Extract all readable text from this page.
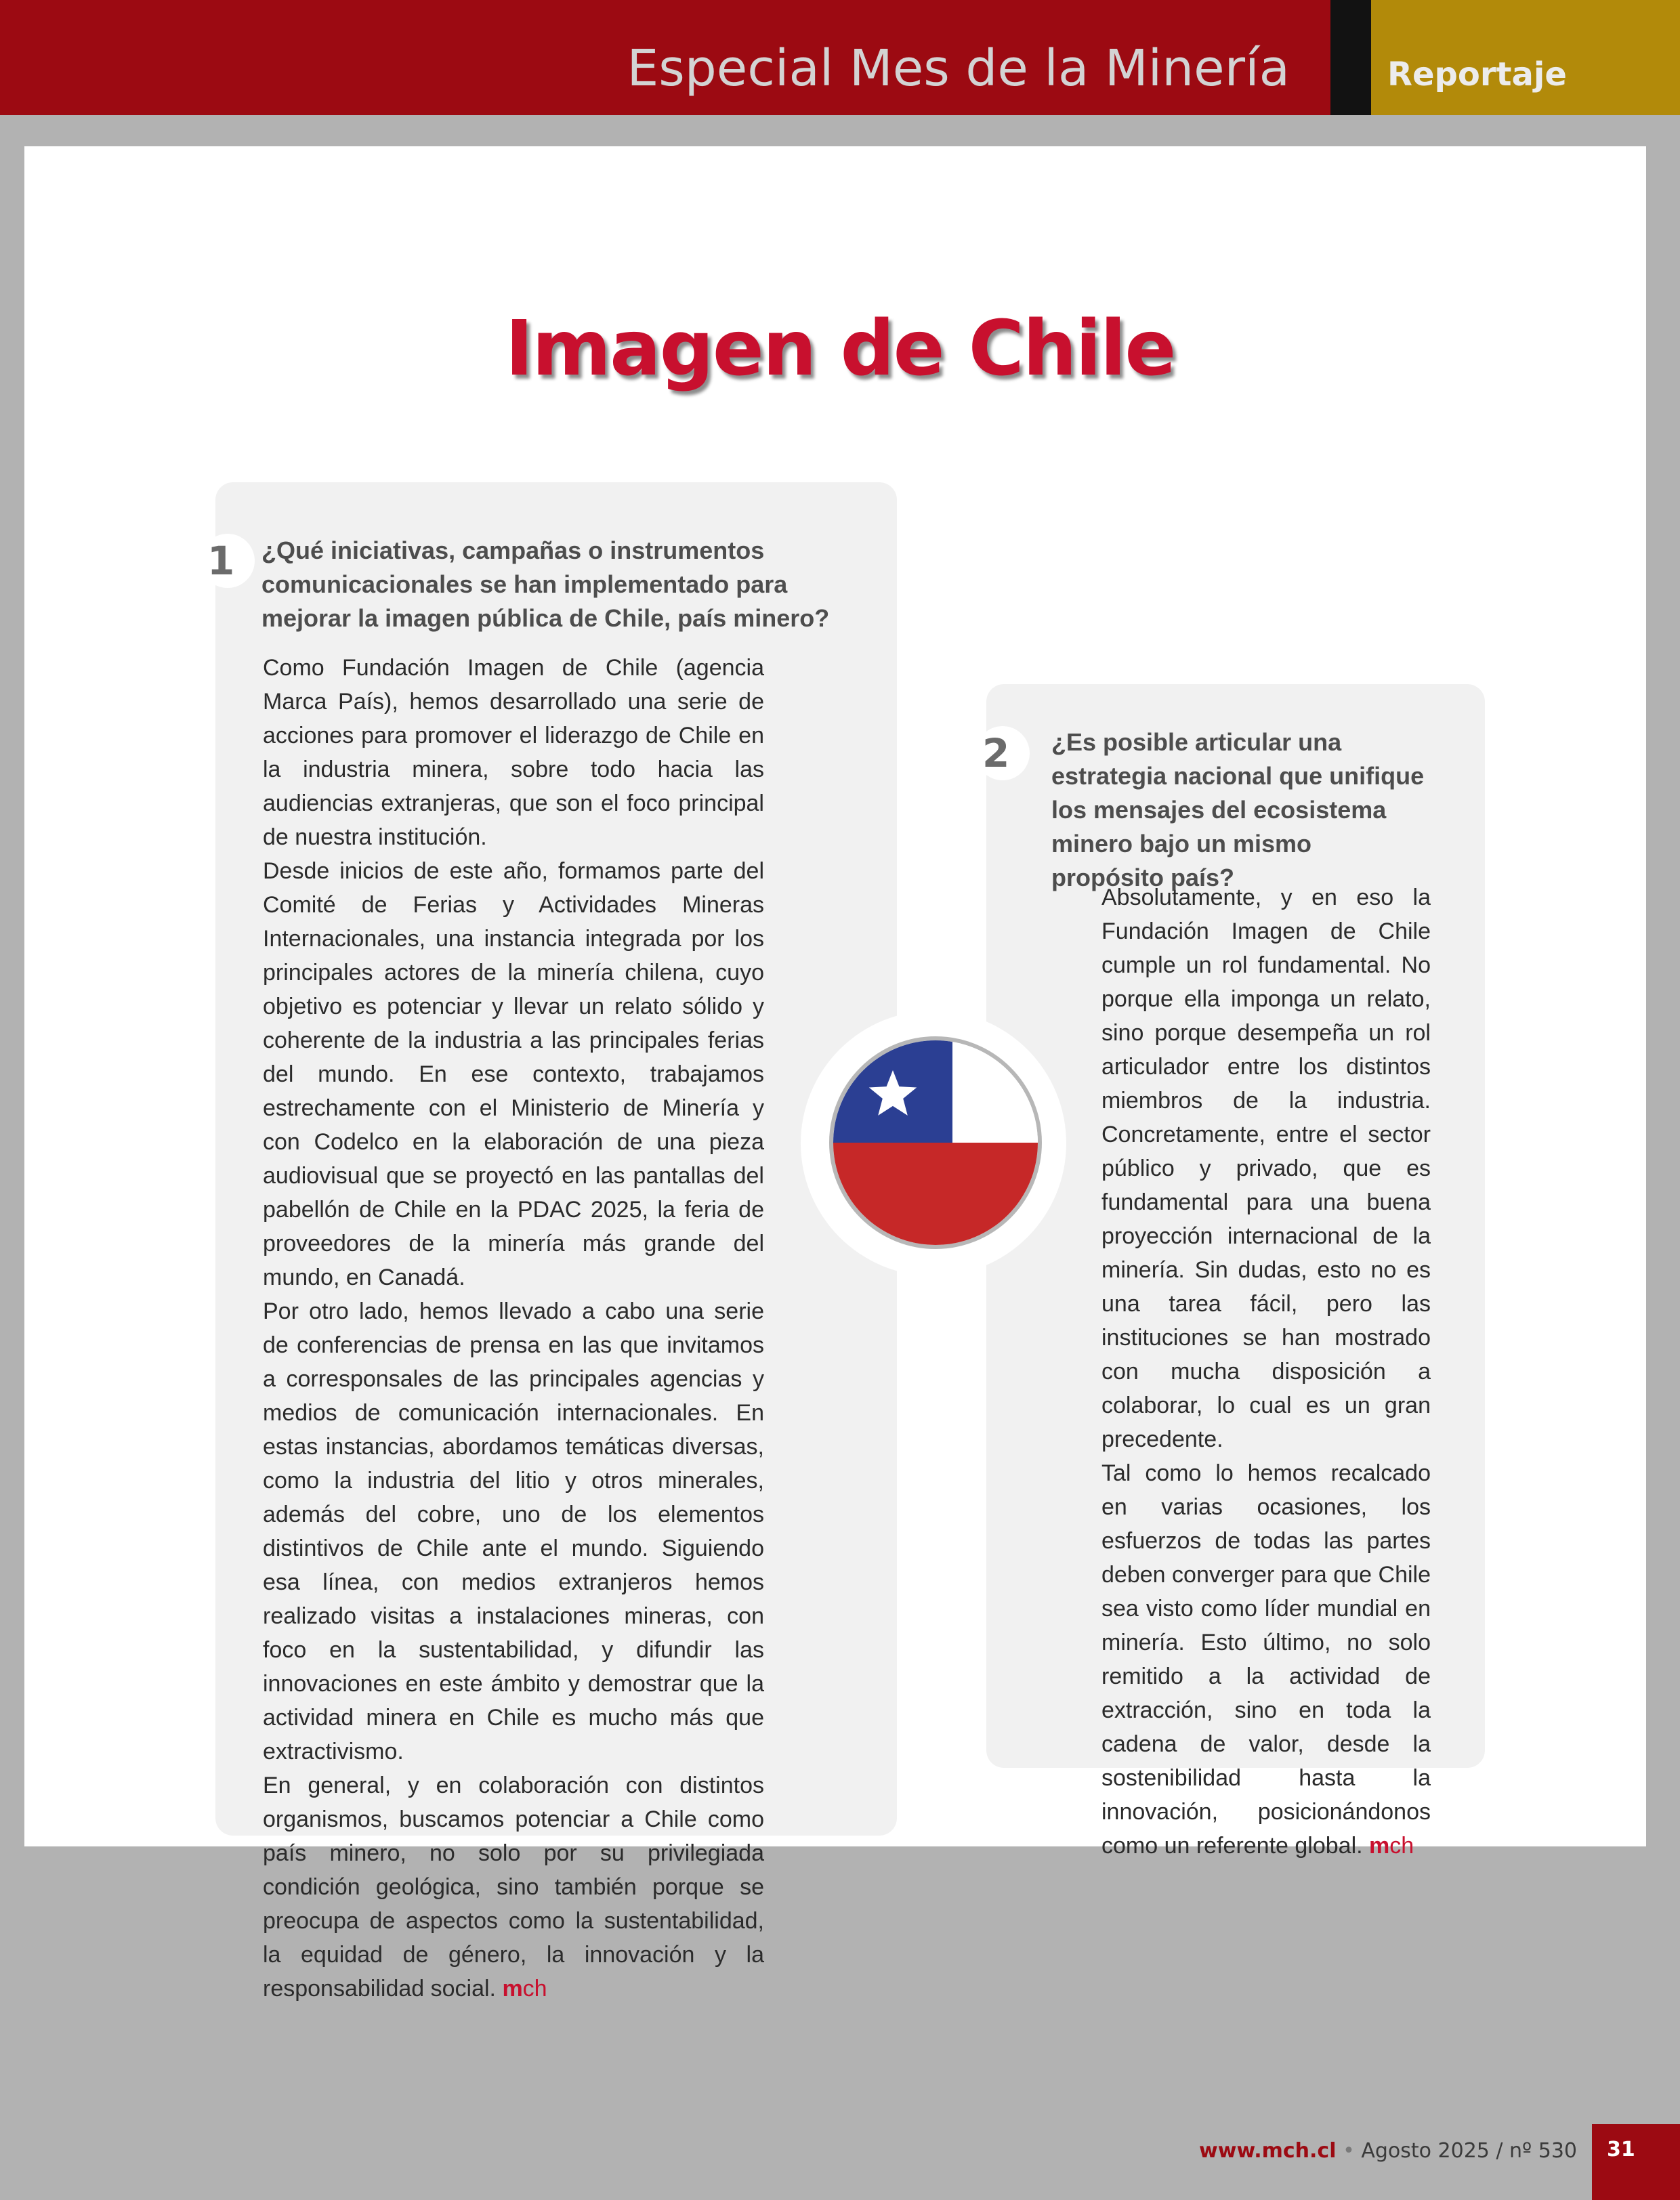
Especial Mes de la Minería	Reportaje
Imagen de Chile
1	¿Qué iniciativas, campañas o instrumentos comunicacionales se han implementado para mejorar la imagen pública de Chile, país minero?

Como Fundación Imagen de Chile (agencia Marca País), hemos desarrollado una serie de acciones para promover el liderazgo de Chile en la industria minera, sobre todo hacia las audiencias extranjeras, que son el foco principal de nuestra institución.

Desde inicios de este año, formamos parte del Comité de Ferias y Actividades Mineras Internacionales, una instancia integrada por los principales actores de la minería chilena, cuyo objetivo es potenciar y llevar un relato sólido y coherente de la industria a las principales ferias del mundo. En ese contexto, trabajamos estrechamente con el Ministerio de Minería y con Codelco en la elaboración de una pieza audiovisual que se proyectó en las pantallas del pabellón de Chile en la PDAC 2025, la feria de proveedores de la minería más grande del mundo, en Canadá.

Por otro lado, hemos llevado a cabo una serie de conferencias de prensa en las que invitamos a corresponsales de las principales agencias y medios de comunicación internacionales. En estas instancias, abordamos temáticas diversas, como la industria del litio y otros minerales, además del cobre, uno de los elementos distintivos de Chile ante el mundo. Siguiendo esa línea, con medios extranjeros hemos realizado visitas a instalaciones mineras, con foco en la sustentabilidad, y difundir las innovaciones en este ámbito y demostrar que la actividad minera en Chile es mucho más que extractivismo.

En general, y en colaboración con distintos organismos, buscamos potenciar a Chile como país minero, no solo por su privilegiada condición geológica, sino también porque se preocupa de aspectos como la sustentabilidad, la equidad de género, la innovación y la responsabilidad social. mch

2	¿Es posible articular una estrategia nacional que unifique los mensajes del ecosistema minero bajo un mismo propósito país?

Absolutamente, y en eso la Fundación Imagen de Chile cumple un rol fundamental. No porque ella imponga un relato, sino porque desempeña un rol articulador entre los distintos miembros de la industria. Concretamente, entre el sector público y privado, que es fundamental para una buena proyección internacional de la minería. Sin dudas, esto no es una tarea fácil, pero las instituciones se han mostrado con mucha disposición a colaborar, lo cual es un gran precedente.

Tal como lo hemos recalcado en varias ocasiones, los esfuerzos de todas las partes deben converger para que Chile sea visto como líder mundial en minería. Esto último, no solo remitido a la actividad de extracción, sino en toda la cadena de valor, desde la sostenibilidad hasta la innovación, posicionándonos como un referente global. mch

www.mch.cl • Agosto 2025 / nº 530	31
